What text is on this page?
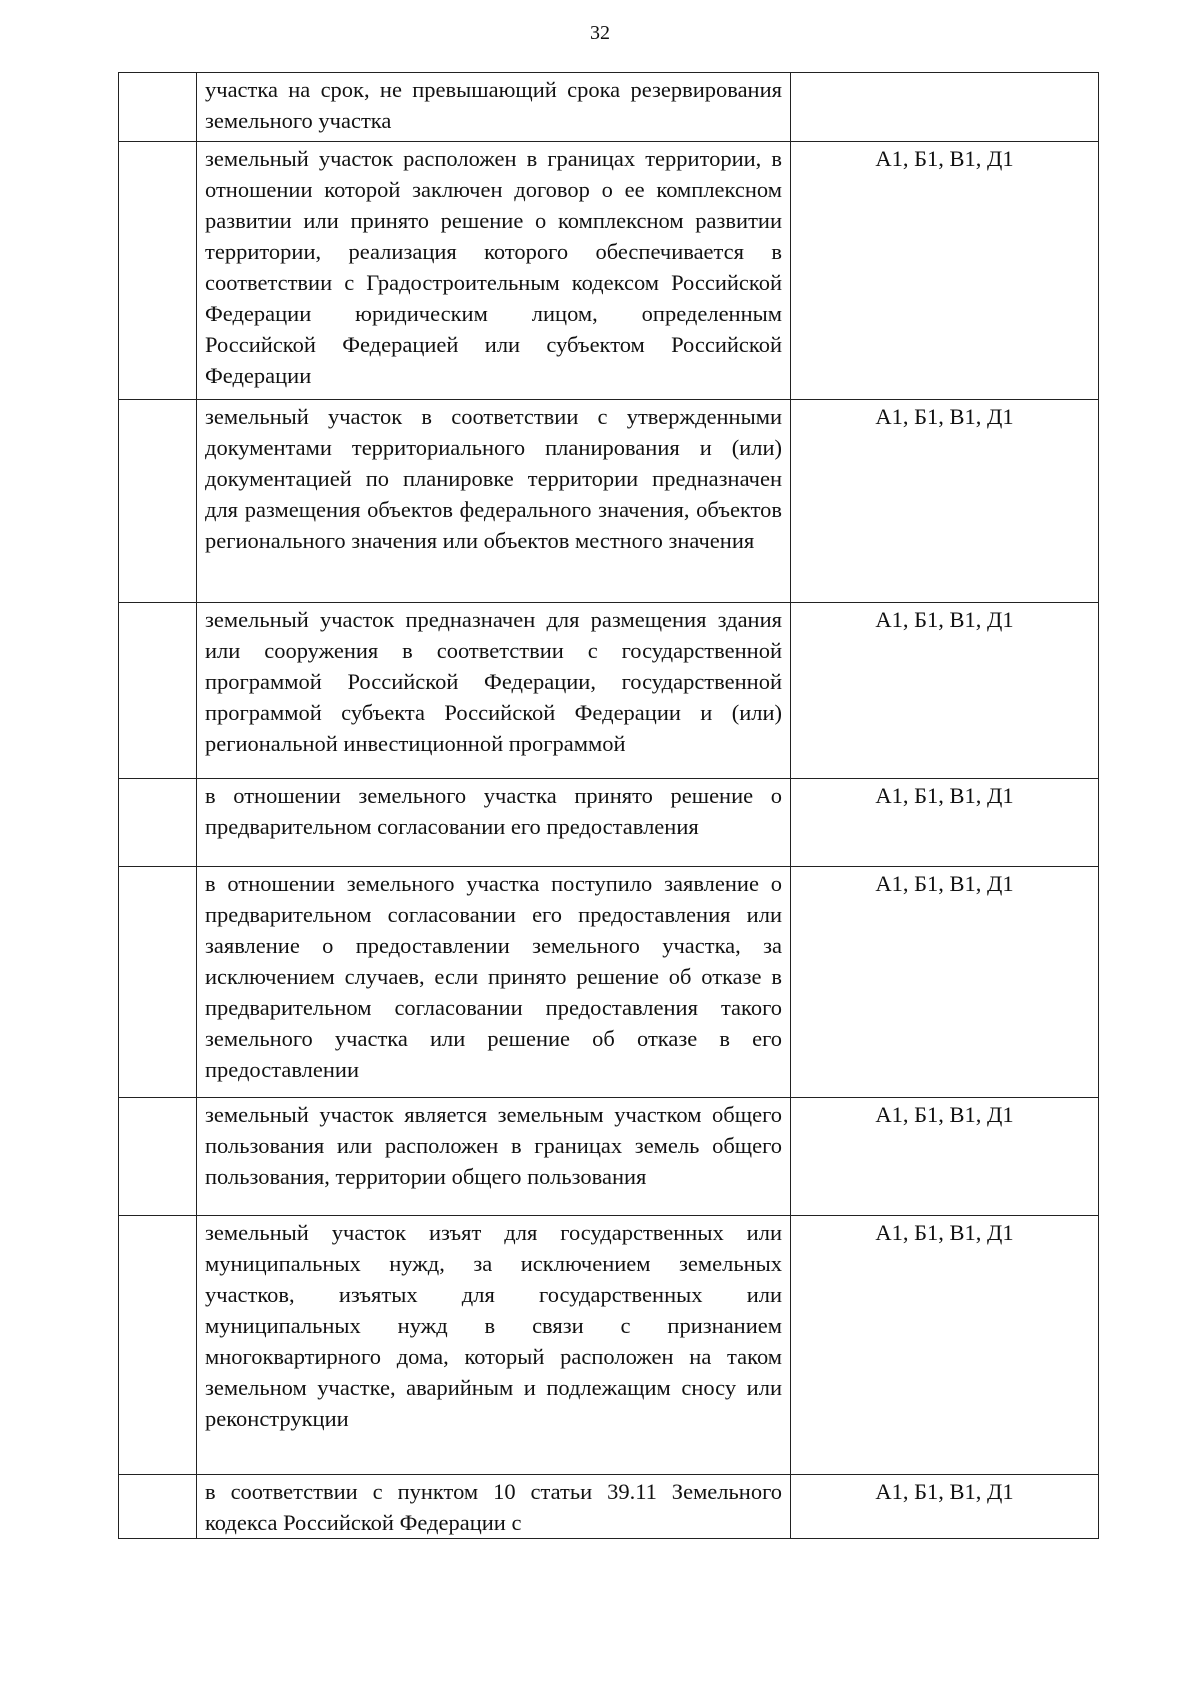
32
	участка на срок, не превышающий срока резервирования земельного участка	
	земельный участок расположен в границах территории, в отношении которой заключен договор о ее комплексном развитии или принято решение о комплексном развитии территории, реализация которого обеспечивается в соответствии с Градостроительным кодексом Российской Федерации юридическим лицом, определенным Российской Федерацией или субъектом Российской Федерации	А1, Б1, В1, Д1
	земельный участок в соответствии с утвержденными документами территориального планирования и (или) документацией по планировке территории предназначен для размещения объектов федерального значения, объектов регионального значения или объектов местного значения	А1, Б1, В1, Д1
	земельный участок предназначен для размещения здания или сооружения в соответствии с государственной программой Российской Федерации, государственной программой субъекта Российской Федерации и (или) региональной инвестиционной программой	А1, Б1, В1, Д1
	в отношении земельного участка принято решение о предварительном согласовании его предоставления	А1, Б1, В1, Д1
	в отношении земельного участка поступило заявление о предварительном согласовании его предоставления или заявление о предоставлении земельного участка, за исключением случаев, если принято решение об отказе в предварительном согласовании предоставления такого земельного участка или решение об отказе в его предоставлении	А1, Б1, В1, Д1
	земельный участок является земельным участком общего пользования или расположен в границах земель общего пользования, территории общего пользования	А1, Б1, В1, Д1
	земельный участок изъят для государственных или муниципальных нужд, за исключением земельных участков, изъятых для государственных или муниципальных нужд в связи с признанием многоквартирного дома, который расположен на таком земельном участке, аварийным и подлежащим сносу или реконструкции	А1, Б1, В1, Д1
	в соответствии с пунктом 10 статьи 39.11 Земельного кодекса Российской Федерации с	А1, Б1, В1, Д1
